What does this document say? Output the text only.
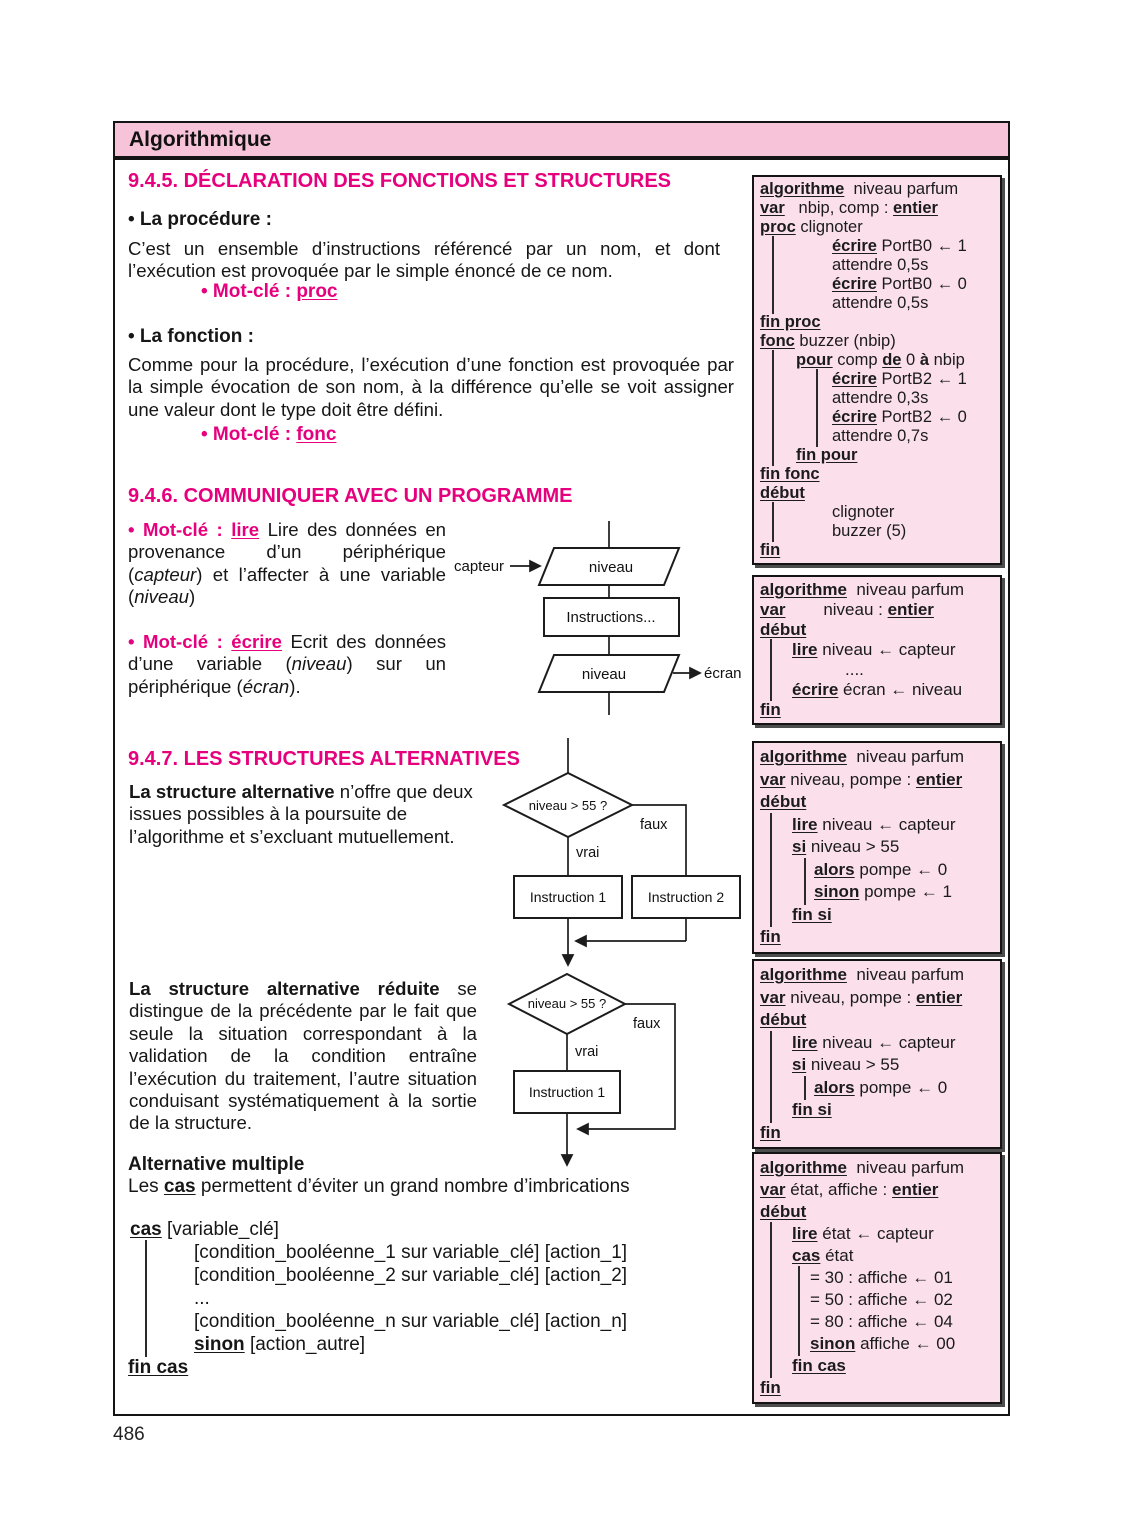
Algorithmique
9.4.5. DÉCLARATION DES FONCTIONS ET STRUCTURES
• La procédure :
C’est un ensemble d’instructions référencé par un nom, et dont l’exécution est provoquée par le simple énoncé de ce nom.
• Mot-clé : proc
• La fonction :
Comme pour la procédure, l’exécution d’une fonction est provoquée par la simple évocation de son nom, à la différence qu’elle se voit assigner une valeur dont le type doit être défini.
• Mot-clé : fonc
9.4.6. COMMUNIQUER AVEC UN PROGRAMME
• Mot-clé : lire Lire des données en provenance d’un périphérique (capteur) et l’affecter à une variable (niveau)
• Mot-clé : écrire Ecrit des données d’une variable (niveau) sur un périphérique (écran).
9.4.7. LES STRUCTURES ALTERNATIVES
La structure alternative n’offre que deux issues possibles à la poursuite de l’algorithme et s’excluant mutuellement.
La structure alternative réduite se distingue de la précédente par le fait que seule la situation correspondant à la validation de la condition entraîne l’exécution du traitement, l’autre situation conduisant systématiquement à la sortie de la structure.
Alternative multiple
Les cas permettent d’éviter un grand nombre d’imbrications
cas [variable_clé]
[condition_booléenne_1 sur variable_clé] [action_1]
[condition_booléenne_2 sur variable_clé] [action_2]
...
[condition_booléenne_n sur variable_clé] [action_n]
sinon [action_autre]
fin cas
capteur	niveau
Instructions...
niveau	écran
niveau > 55 ?
vrai
faux
Instruction 1	Instruction 2
niveau > 55 ?
vrai
faux
Instruction 1
algorithme  niveau parfum
var   nbip, comp : entier
proc clignoter
écrire PortB0 ← 1
attendre 0,5s
écrire PortB0 ← 0
attendre 0,5s
fin proc
fonc buzzer (nbip)
pour comp de 0 à nbip
écrire PortB2 ← 1
attendre 0,3s
écrire PortB2 ← 0
attendre 0,7s
fin pour
fin fonc
début
clignoter
buzzer (5)
fin
algorithme  niveau parfum
var        niveau : entier
début
lire niveau ← capteur
....
écrire écran ← niveau
fin
algorithme  niveau parfum
var niveau, pompe : entier
début
lire niveau ← capteur
si niveau > 55
alors pompe ← 0
sinon pompe ← 1
fin si
fin
algorithme  niveau parfum
var niveau, pompe : entier
début
lire niveau ← capteur
si niveau > 55
alors pompe ← 0
fin si
fin
algorithme  niveau parfum
var état, affiche : entier
début
lire état ← capteur
cas état
= 30 : affiche ← 01
= 50 : affiche ← 02
= 80 : affiche ← 04
sinon affiche ← 00
fin cas
fin
486
